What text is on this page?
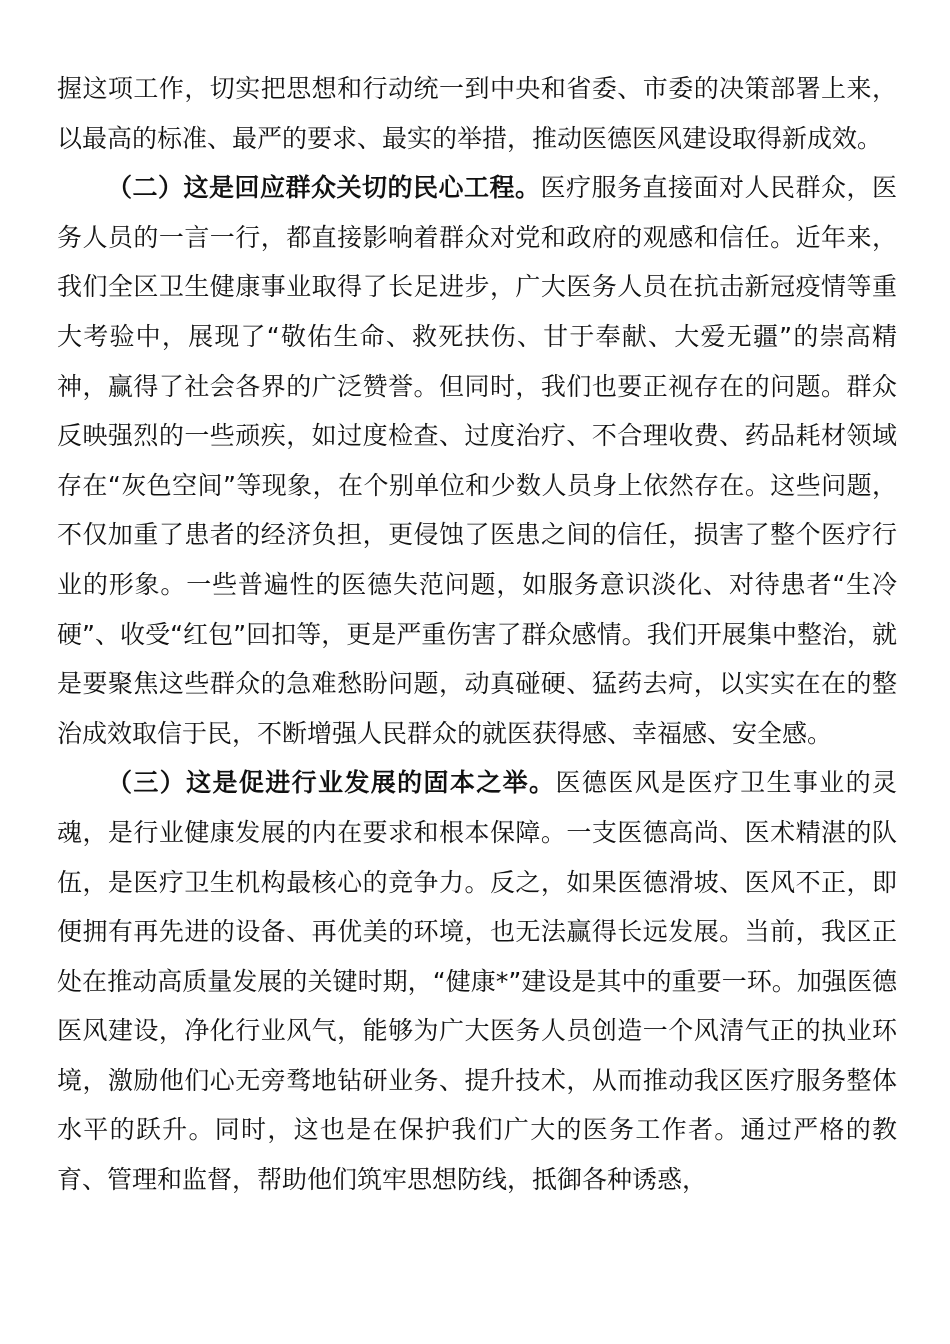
握这项工作，切实把思想和行动统一到中央和省委、市委的决策部署上来，以最高的标准、最严的要求、最实的举措，推动医德医风建设取得新成效。

（二）这是回应群众关切的民心工程。医疗服务直接面对人民群众，医务人员的一言一行，都直接影响着群众对党和政府的观感和信任。近年来，我们全区卫生健康事业取得了长足进步，广大医务人员在抗击新冠疫情等重大考验中，展现了“敬佑生命、救死扶伤、甘于奉献、大爱无疆”的崇高精神，赢得了社会各界的广泛赞誉。但同时，我们也要正视存在的问题。群众反映强烈的一些顽疾，如过度检查、过度治疗、不合理收费、药品耗材领域存在“灰色空间”等现象，在个别单位和少数人员身上依然存在。这些问题，不仅加重了患者的经济负担，更侵蚀了医患之间的信任，损害了整个医疗行业的形象。一些普遍性的医德失范问题，如服务意识淡化、对待患者“生冷硬”、收受“红包”回扣等，更是严重伤害了群众感情。我们开展集中整治，就是要聚焦这些群众的急难愁盼问题，动真碰硬、猛药去疴，以实实在在的整治成效取信于民，不断增强人民群众的就医获得感、幸福感、安全感。

（三）这是促进行业发展的固本之举。医德医风是医疗卫生事业的灵魂，是行业健康发展的内在要求和根本保障。一支医德高尚、医术精湛的队伍，是医疗卫生机构最核心的竞争力。反之，如果医德滑坡、医风不正，即便拥有再先进的设备、再优美的环境，也无法赢得长远发展。当前，我区正处在推动高质量发展的关键时期，“健康*”建设是其中的重要一环。加强医德医风建设，净化行业风气，能够为广大医务人员创造一个风清气正的执业环境，激励他们心无旁骛地钻研业务、提升技术，从而推动我区医疗服务整体水平的跃升。同时，这也是在保护我们广大的医务工作者。通过严格的教育、管理和监督，帮助他们筑牢思想防线，抵御各种诱惑，
